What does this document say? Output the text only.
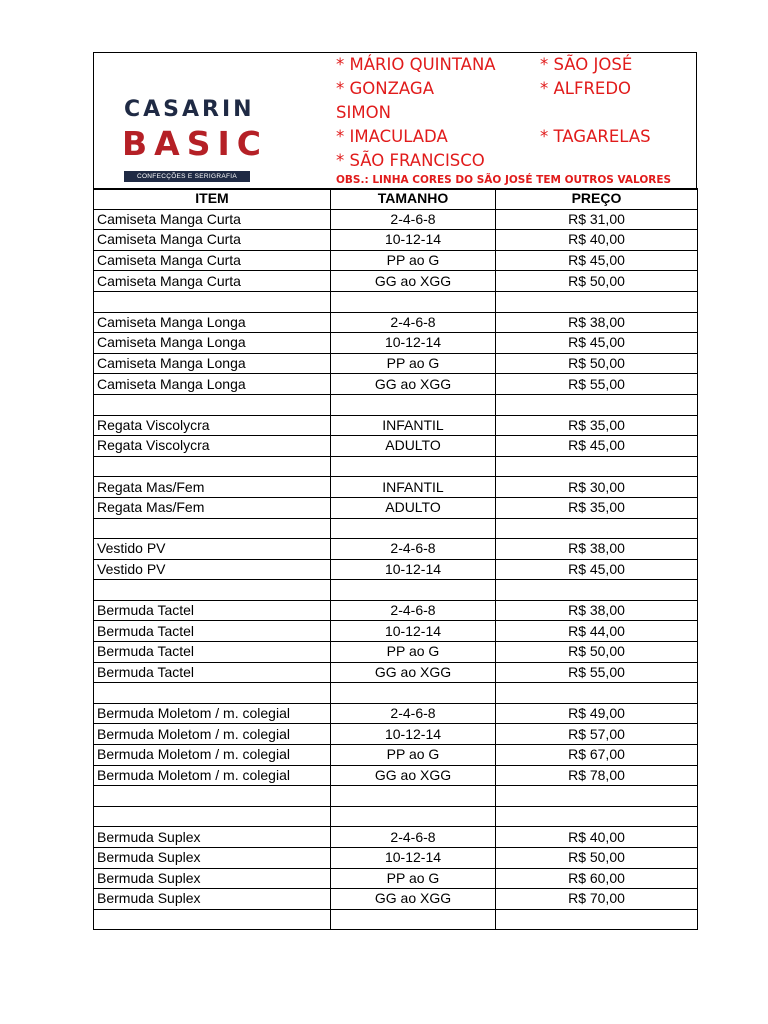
CASARIN
BASIC
CONFECÇÕES E SERIGRAFIA
* MÁRIO QUINTANA
* GONZAGA
SIMON
* IMACULADA
* SÃO FRANCISCO
* SÃO JOSÉ
* ALFREDO
* TAGARELAS
OBS.: LINHA CORES DO SÃO JOSÉ TEM OUTROS VALORES
ITEM	TAMANHO	PREÇO
Camiseta Manga Curta	2-4-6-8	R$ 31,00
Camiseta Manga Curta	10-12-14	R$ 40,00
Camiseta Manga Curta	PP ao G	R$ 45,00
Camiseta Manga Curta	GG ao XGG	R$ 50,00

Camiseta Manga Longa	2-4-6-8	R$ 38,00
Camiseta Manga Longa	10-12-14	R$ 45,00
Camiseta Manga Longa	PP ao G	R$ 50,00
Camiseta Manga Longa	GG ao XGG	R$ 55,00

Regata Viscolycra	INFANTIL	R$ 35,00
Regata Viscolycra	ADULTO	R$ 45,00

Regata Mas/Fem	INFANTIL	R$ 30,00
Regata Mas/Fem	ADULTO	R$ 35,00

Vestido PV	2-4-6-8	R$ 38,00
Vestido PV	10-12-14	R$ 45,00

Bermuda Tactel	2-4-6-8	R$ 38,00
Bermuda Tactel	10-12-14	R$ 44,00
Bermuda Tactel	PP ao G	R$ 50,00
Bermuda Tactel	GG ao XGG	R$ 55,00

Bermuda Moletom / m. colegial	2-4-6-8	R$ 49,00
Bermuda Moletom / m. colegial	10-12-14	R$ 57,00
Bermuda Moletom / m. colegial	PP ao G	R$ 67,00
Bermuda Moletom / m. colegial	GG ao XGG	R$ 78,00

Bermuda Suplex	2-4-6-8	R$ 40,00
Bermuda Suplex	10-12-14	R$ 50,00
Bermuda Suplex	PP ao G	R$ 60,00
Bermuda Suplex	GG ao XGG	R$ 70,00
